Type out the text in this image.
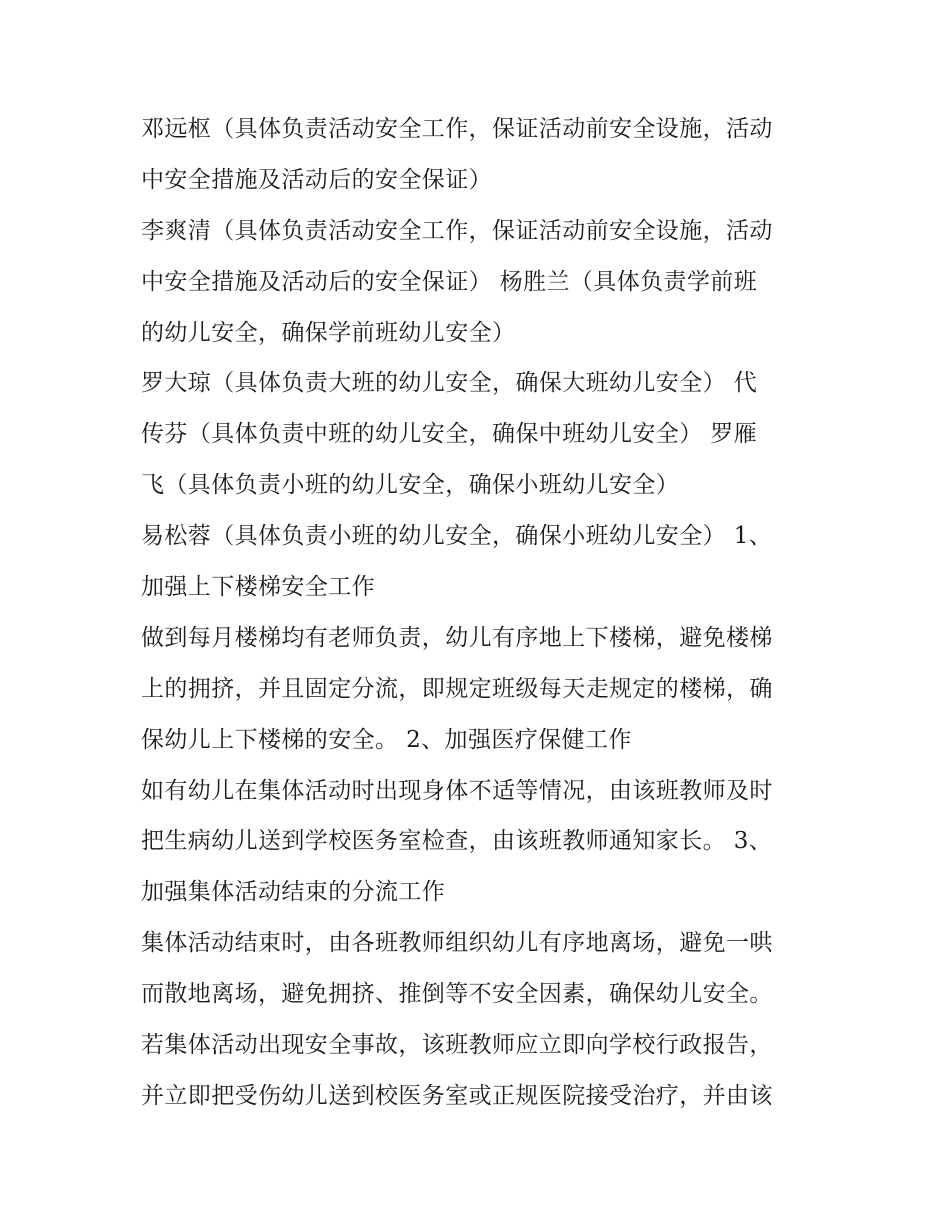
邓远枢（具体负责活动安全工作，保证活动前安全设施，活动
中安全措施及活动后的安全保证）
李爽清（具体负责活动安全工作，保证活动前安全设施，活动
中安全措施及活动后的安全保证） 杨胜兰（具体负责学前班
的幼儿安全，确保学前班幼儿安全）
罗大琼（具体负责大班的幼儿安全，确保大班幼儿安全） 代
传芬（具体负责中班的幼儿安全，确保中班幼儿安全） 罗雁
飞（具体负责小班的幼儿安全，确保小班幼儿安全）
易松蓉（具体负责小班的幼儿安全，确保小班幼儿安全） 1、
加强上下楼梯安全工作
做到每月楼梯均有老师负责，幼儿有序地上下楼梯，避免楼梯
上的拥挤，并且固定分流，即规定班级每天走规定的楼梯，确
保幼儿上下楼梯的安全。 2、加强医疗保健工作
如有幼儿在集体活动时出现身体不适等情况，由该班教师及时
把生病幼儿送到学校医务室检查，由该班教师通知家长。 3、
加强集体活动结束的分流工作
集体活动结束时，由各班教师组织幼儿有序地离场，避免一哄
而散地离场，避免拥挤、推倒等不安全因素，确保幼儿安全。
若集体活动出现安全事故，该班教师应立即向学校行政报告，
并立即把受伤幼儿送到校医务室或正规医院接受治疗，并由该
